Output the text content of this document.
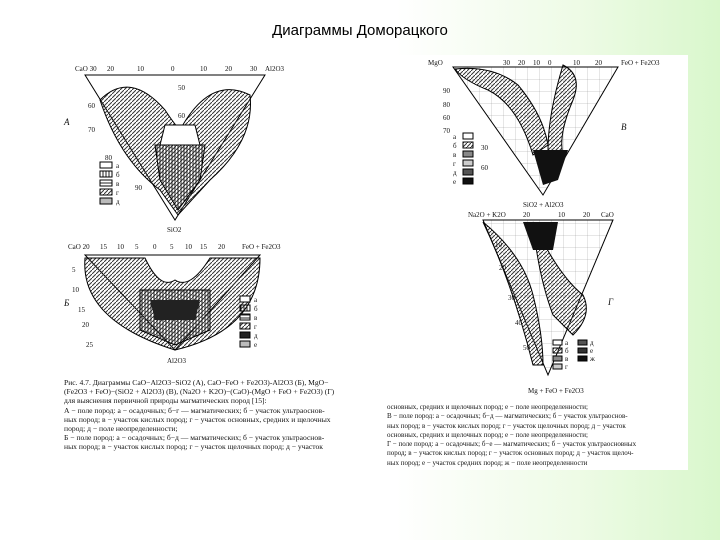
Диаграммы Доморацкого
CaO 30 20	10	0	10	20	30 Al2O3
60
70
80
50
60
90
А
SiO2
а
б
в
г
д
CaO 20 15 10 5 0 5 10 15 20 FeO + Fe2O3
5
10
15
20
25
Б
Al2O3
а
б
в
г
д
е
Рис. 4.7. Диаграммы CaO−Al2O3−SiO2 (А), CaO−FeO + Fe2O3)-Al2O3 (Б), MgO−
(Fe2O3 + FeO)−(SiO2 + Al2O3) (В), (Na2O + K2O)−(CaO)-(MgO + FeO + Fe2O3) (Г)
для выяснения первичной природы магматических пород [15]:
А − поле пород: а − осадочных; б−г — магматических; б − участок ультраоснов-
ных пород; в − участок кислых пород; г − участок основных, средних и щелочных
пород; д − поле неопределенности;
Б − поле пород: а − осадочных; б−д — магматических; б − участок ультраоснов-
ных пород; в − участок кислых пород; г − участок щелочных пород; д − участок
MgO	30 20 10 0	10 20	FeO + Fe2O3
90
80
60
70
30
60
В
SiO2 + Al2O3
а
б
в
г
д
е
Na2O + K2O 20	10	20 CaO
10
20
30
40
50
Г
Mg + FeO + Fe2O3
а
б
в
г
д
е
ж
основных, средних и щелочных пород; е − поле неопределенности;
В − поле пород: а − осадочных; б−д — магматических; б − участок ультраоснов-
ных пород; в − участок кислых пород; г − участок щелочных пород; д − участок
основных, средних и щелочных пород; е − поле неопределенности;
Г − поле пород: а − осадочных; б−е — магматических; б − участок ультраосновных
пород; в − участок кислых пород; г − участок основных пород; д − участок щелоч-
ных пород; е − участок средних пород; ж − поле неопределенности
